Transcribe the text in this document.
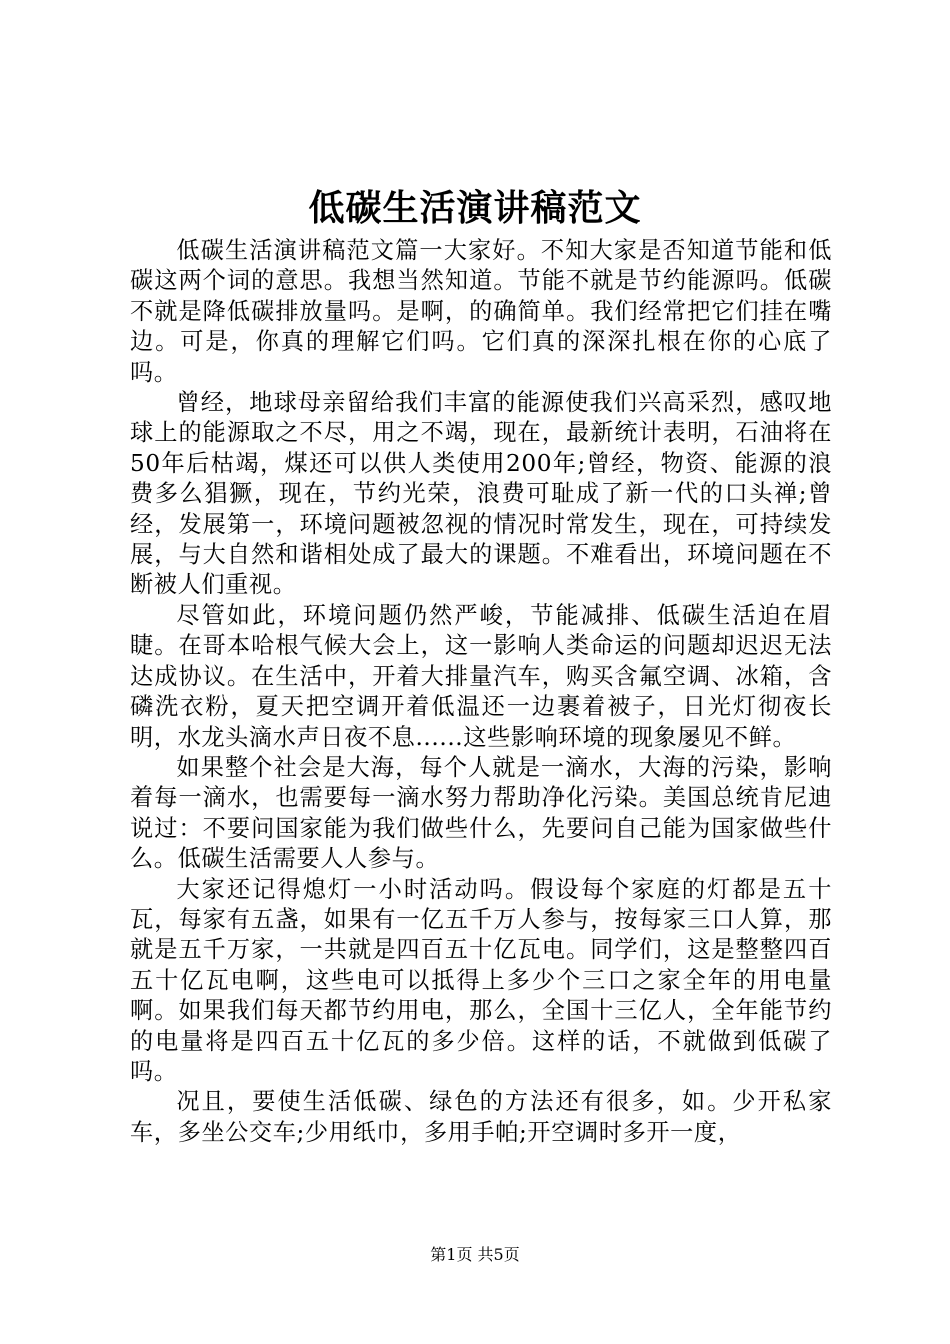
低碳生活演讲稿范文

低碳生活演讲稿范文篇一大家好。不知大家是否知道节能和低碳这两个词的意思。我想当然知道。节能不就是节约能源吗。低碳不就是降低碳排放量吗。是啊，的确简单。我们经常把它们挂在嘴边。可是，你真的理解它们吗。它们真的深深扎根在你的心底了吗。

曾经，地球母亲留给我们丰富的能源使我们兴高采烈，感叹地球上的能源取之不尽，用之不竭，现在，最新统计表明，石油将在50年后枯竭，煤还可以供人类使用200年;曾经，物资、能源的浪费多么猖獗，现在，节约光荣，浪费可耻成了新一代的口头禅;曾经，发展第一，环境问题被忽视的情况时常发生，现在，可持续发展，与大自然和谐相处成了最大的课题。不难看出，环境问题在不断被人们重视。

尽管如此，环境问题仍然严峻，节能减排、低碳生活迫在眉睫。在哥本哈根气候大会上，这一影响人类命运的问题却迟迟无法达成协议。在生活中，开着大排量汽车，购买含氟空调、冰箱，含磷洗衣粉，夏天把空调开着低温还一边裹着被子，日光灯彻夜长明，水龙头滴水声日夜不息......这些影响环境的现象屡见不鲜。

如果整个社会是大海，每个人就是一滴水，大海的污染，影响着每一滴水，也需要每一滴水努力帮助净化污染。美国总统肯尼迪说过：不要问国家能为我们做些什么，先要问自己能为国家做些什么。低碳生活需要人人参与。

大家还记得熄灯一小时活动吗。假设每个家庭的灯都是五十瓦，每家有五盏，如果有一亿五千万人参与，按每家三口人算，那就是五千万家，一共就是四百五十亿瓦电。同学们，这是整整四百五十亿瓦电啊，这些电可以抵得上多少个三口之家全年的用电量啊。如果我们每天都节约用电，那么，全国十三亿人，全年能节约的电量将是四百五十亿瓦的多少倍。这样的话，不就做到低碳了吗。

况且，要使生活低碳、绿色的方法还有很多，如。少开私家车，多坐公交车;少用纸巾，多用手帕;开空调时多开一度，

第1页 共5页
